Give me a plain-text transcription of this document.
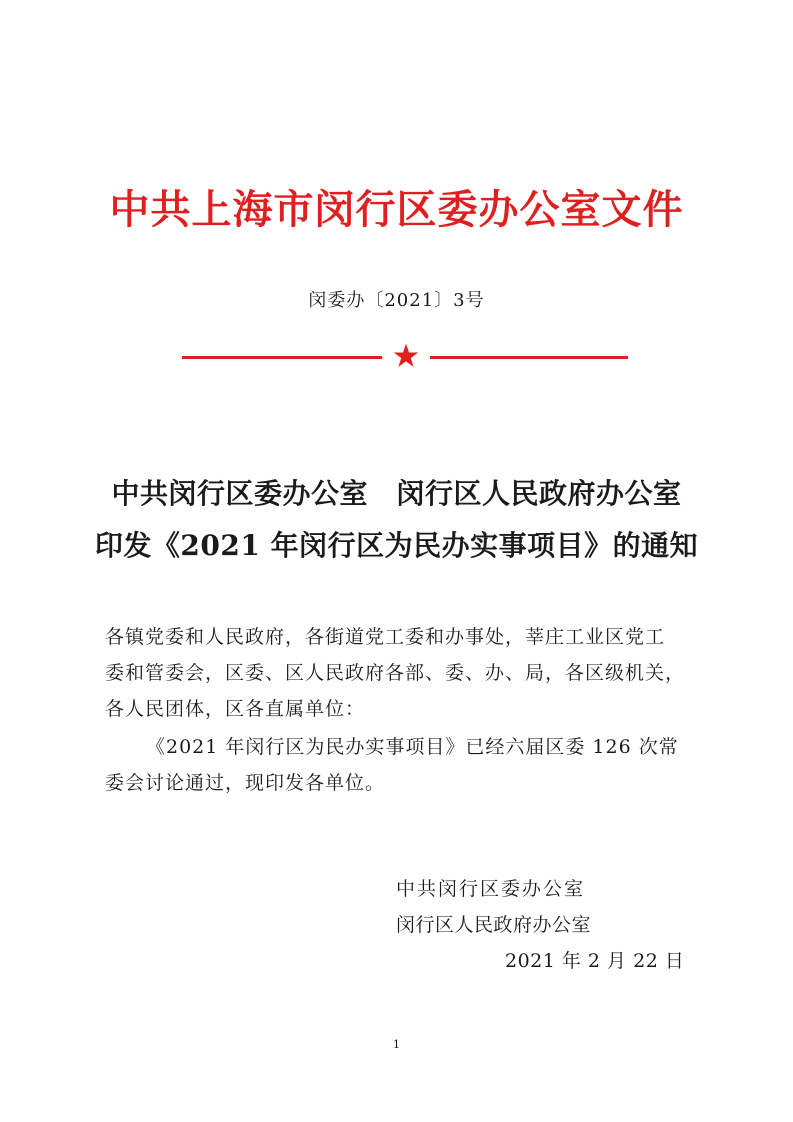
中共上海市闵行区委办公室文件
闵委办〔2021〕3号
中共闵行区委办公室　闵行区人民政府办公室
印发《2021 年闵行区为民办实事项目》的通知
各镇党委和人民政府，各街道党工委和办事处，莘庄工业区党工
委和管委会，区委、区人民政府各部、委、办、局，各区级机关，
各人民团体，区各直属单位：
《2021 年闵行区为民办实事项目》已经六届区委 126 次常
委会讨论通过，现印发各单位。
中共闵行区委办公室
闵行区人民政府办公室
2021 年 2 月 22 日
1
